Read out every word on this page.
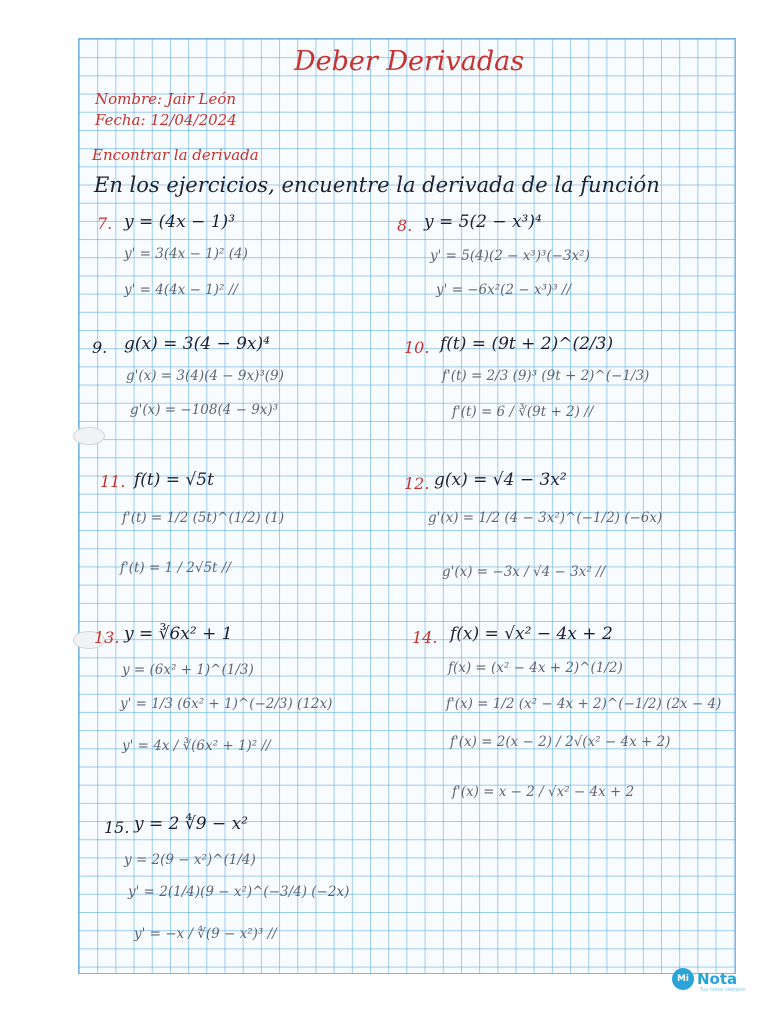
Deber Derivadas
Nombre: Jair León
Fecha: 12/04/2024
Encontrar la derivada
En los ejercicios, encuentre la derivada de la función
7. y = (4x − 1)³
y' = 3(4x − 1)² (4)
y' = 4(4x − 1)² //
8. y = 5(2 − x³)⁴
y' = 5(4)(2 − x³)³(−3x²)
y' = −6x²(2 − x³)³ //
9. g(x) = 3(4 − 9x)⁴
g'(x) = 3(4)(4 − 9x)³(9)
g'(x) = −108(4 − 9x)³
10. f(t) = (9t + 2)^(2/3)
f'(t) = 2/3 (9)³ (9t + 2)^(−1/3)
f'(t) = 6 / ∛(9t + 2) //
11. f(t) = √5t
f'(t) = 1/2 (5t)^(1/2) (1)
f'(t) = 1 / 2√5t //
12. g(x) = √4 − 3x²
g'(x) = 1/2 (4 − 3x²)^(−1/2) (−6x)
g'(x) = −3x / √4 − 3x² //
13. y = ∛6x² + 1
y = (6x² + 1)^(1/3)
y' = 1/3 (6x² + 1)^(−2/3) (12x)
y' = 4x / ∛(6x² + 1)² //
14. f(x) = √x² − 4x + 2
f(x) = (x² − 4x + 2)^(1/2)
f'(x) = 1/2 (x² − 4x + 2)^(−1/2) (2x − 4)
f'(x) = 2(x − 2) / 2√(x² − 4x + 2)
f'(x) = x − 2 / √x² − 4x + 2
15. y = 2 ∜9 − x²
y = 2(9 − x²)^(1/4)
y' = 2(1/4)(9 − x²)^(−3/4) (−2x)
y' = −x / ∜(9 − x²)³ //
Mi Nota
Tus notas siempre
